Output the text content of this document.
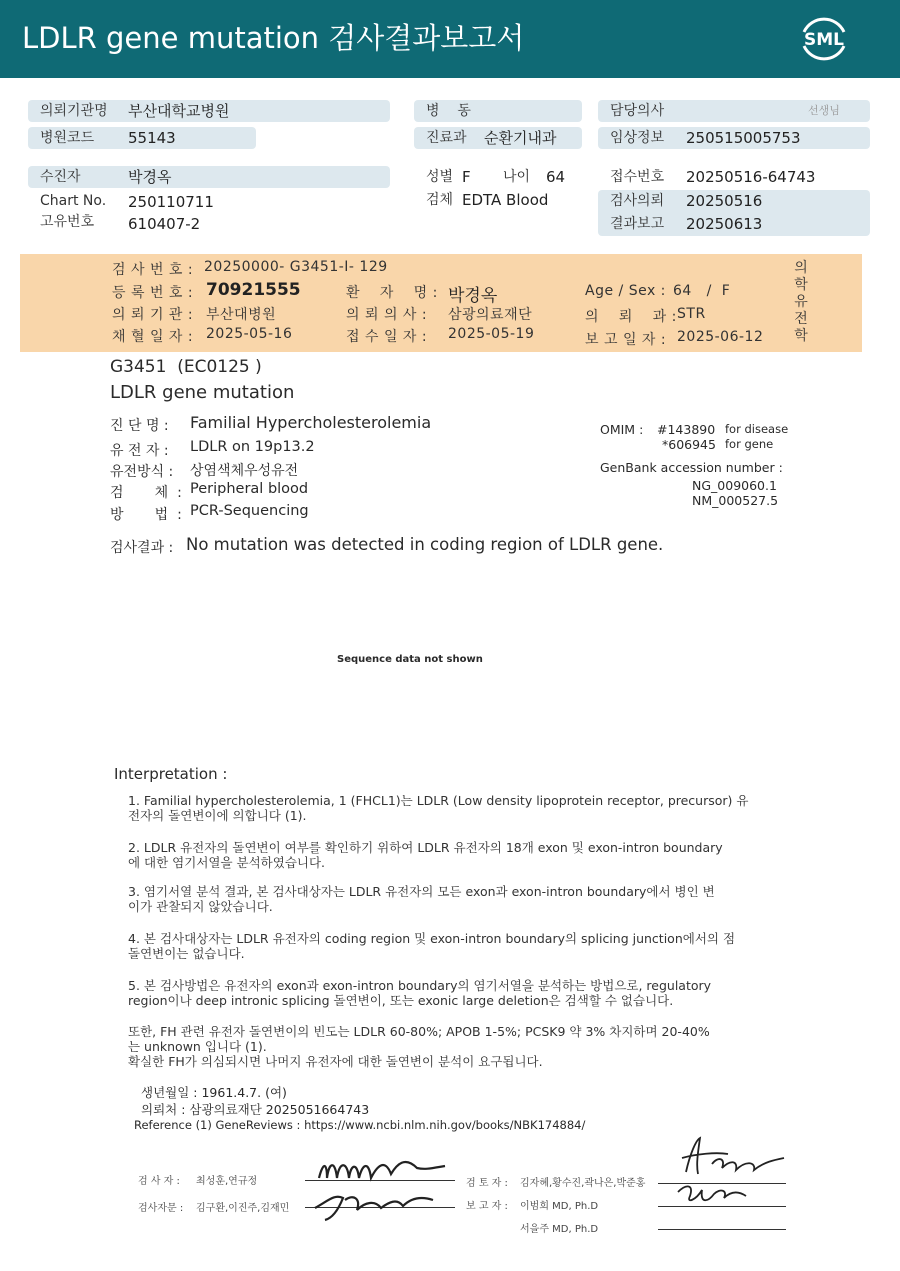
LDLR gene mutation 검사결과보고서	SML
의뢰기관명	부산대학교병원
병원코드	55143
병    동
진료과	순환기내과
담당의사	선생님
임상정보	250515005753
수진자	박경옥	성별 F 나이 64	접수번호 20250516-64743
Chart No. 250110711	검체 EDTA Blood	검사의뢰 20250516
고유번호 610407-2	결과보고 20250613
검 사 번 호 : 20250000- G3451-I- 129
등 록 번 호 : 70921555	환    자    명 : 박경옥	Age / Sex : 64   /  F
의 뢰 기 관 : 부산대병원	의 뢰 의 사 : 삼광의료재단	의    뢰    과 : STR
채 혈 일 자 : 2025-05-16	접 수 일 자 : 2025-05-19	보 고 일 자 : 2025-06-12
의학유전학
G3451  (EC0125 )
LDLR gene mutation
진 단 명 : Familial Hypercholesterolemia
유 전 자 : LDLR on 19p13.2
유전방식 : 상염색체우성유전
검       체  : Peripheral blood
방       법  : PCR-Sequencing
OMIM : #143890 for disease
*606945 for gene
GenBank accession number :
NG_009060.1
NM_000527.5
검사결과 : No mutation was detected in coding region of LDLR gene.
Sequence data not shown
Interpretation :
1. Familial hypercholesterolemia, 1 (FHCL1)는 LDLR (Low density lipoprotein receptor, precursor) 유
전자의 돌연변이에 의합니다 (1).
2. LDLR 유전자의 돌연변이 여부를 확인하기 위하여 LDLR 유전자의 18개 exon 및 exon-intron boundary
에 대한 염기서열을 분석하였습니다.
3. 염기서열 분석 결과, 본 검사대상자는 LDLR 유전자의 모든 exon과 exon-intron boundary에서 병인 변
이가 관찰되지 않았습니다.
4. 본 검사대상자는 LDLR 유전자의 coding region 및 exon-intron boundary의 splicing junction에서의 점
돌연변이는 없습니다.
5. 본 검사방법은 유전자의 exon과 exon-intron boundary의 염기서열을 분석하는 방법으로, regulatory
region이나 deep intronic splicing 돌연변이, 또는 exonic large deletion은 검색할 수 없습니다.
또한, FH 관련 유전자 돌연변이의 빈도는 LDLR 60-80%; APOB 1-5%; PCSK9 약 3% 차지하며 20-40%
는 unknown 입니다 (1).
확실한 FH가 의심되시면 나머지 유전자에 대한 돌연변이 분석이 요구됩니다.
생년월일 : 1961.4.7. (여)
의뢰처 : 삼광의료재단 2025051664743
Reference (1) GeneReviews : https://www.ncbi.nlm.nih.gov/books/NBK174884/
검 사 자 : 최성훈,연규정
검사자문 : 김구환,이진주,김재민
검 토 자 : 김자혜,황수진,곽나은,박준홍
보 고 자 : 이범희 MD, Ph.D
서을주 MD, Ph.D
